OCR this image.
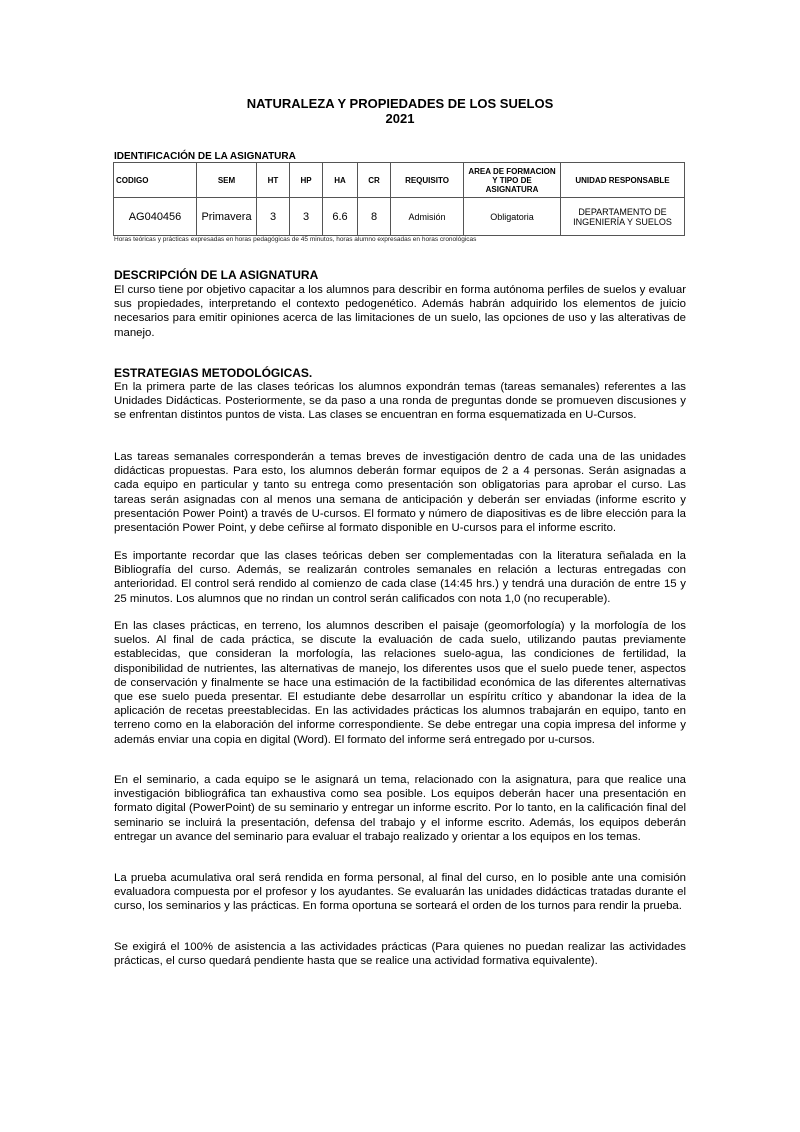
NATURALEZA Y PROPIEDADES DE LOS SUELOS
2021
IDENTIFICACIÓN DE LA ASIGNATURA
CODIGO	SEM	HT	HP	HA	CR	REQUISITO	AREA DE FORMACION Y TIPO DE ASIGNATURA	UNIDAD RESPONSABLE
AG040456	Primavera	3	3	6.6	8	Admisión	Obligatoria	DEPARTAMENTO DE INGENIERÍA Y SUELOS
Horas teóricas y prácticas expresadas en horas pedagógicas de 45 minutos, horas alumno expresadas en horas cronológicas
DESCRIPCIÓN DE LA ASIGNATURA
El curso tiene por objetivo capacitar a los alumnos para describir en forma autónoma perfiles de suelos y evaluar sus propiedades, interpretando el contexto pedogenético. Además habrán adquirido los elementos de juicio necesarios para emitir opiniones acerca de las limitaciones de un suelo, las opciones de uso y las alterativas de manejo.
ESTRATEGIAS METODOLÓGICAS.
En la primera parte de las clases teóricas los alumnos expondrán temas (tareas semanales) referentes a las Unidades Didácticas. Posteriormente, se da paso a una ronda de preguntas donde se promueven discusiones y se enfrentan distintos puntos de vista. Las clases se encuentran en forma esquematizada en U-Cursos.
Las tareas semanales corresponderán a temas breves de investigación dentro de cada una de las unidades didácticas propuestas. Para esto, los alumnos deberán formar equipos de 2 a 4 personas. Serán asignadas a cada equipo en particular y tanto su entrega como presentación son obligatorias para aprobar el curso. Las tareas serán asignadas con al menos una semana de anticipación y deberán ser enviadas (informe escrito y presentación Power Point) a través de U-cursos. El formato y número de diapositivas es de libre elección para la presentación Power Point, y debe ceñirse al formato disponible en U-cursos para el informe escrito.
Es importante recordar que las clases teóricas deben ser complementadas con la literatura señalada en la Bibliografía del curso. Además, se realizarán controles semanales en relación a lecturas entregadas con anterioridad. El control será rendido al comienzo de cada clase (14:45 hrs.) y tendrá una duración de entre 15 y 25 minutos. Los alumnos que no rindan un control serán calificados con nota 1,0 (no recuperable).
En las clases prácticas, en terreno, los alumnos describen el paisaje (geomorfología) y la morfología de los suelos. Al final de cada práctica, se discute la evaluación de cada suelo, utilizando pautas previamente establecidas, que consideran la morfología, las relaciones suelo-agua, las condiciones de fertilidad, la disponibilidad de nutrientes, las alternativas de manejo, los diferentes usos que el suelo puede tener, aspectos de conservación y finalmente se hace una estimación de la factibilidad económica de las diferentes alternativas que ese suelo pueda presentar. El estudiante debe desarrollar un espíritu crítico y abandonar la idea de la aplicación de recetas preestablecidas. En las actividades prácticas los alumnos trabajarán en equipo, tanto en terreno como en la elaboración del informe correspondiente. Se debe entregar una copia impresa del informe y además enviar una copia en digital (Word). El formato del informe será entregado por u-cursos.
En el seminario, a cada equipo se le asignará un tema, relacionado con la asignatura, para que realice una investigación bibliográfica tan exhaustiva como sea posible. Los equipos deberán hacer una presentación en formato digital (PowerPoint) de su seminario y entregar un informe escrito. Por lo tanto, en la calificación final del seminario se incluirá la presentación, defensa del trabajo y el informe escrito. Además, los equipos deberán entregar un avance del seminario para evaluar el trabajo realizado y orientar a los equipos en los temas.
La prueba acumulativa oral será rendida en forma personal, al final del curso, en lo posible ante una comisión evaluadora compuesta por el profesor y los ayudantes. Se evaluarán las unidades didácticas tratadas durante el curso, los seminarios y las prácticas. En forma oportuna se sorteará el orden de los turnos para rendir la prueba.
Se exigirá el 100% de asistencia a las actividades prácticas (Para quienes no puedan realizar las actividades prácticas, el curso quedará pendiente hasta que se realice una actividad formativa equivalente).
